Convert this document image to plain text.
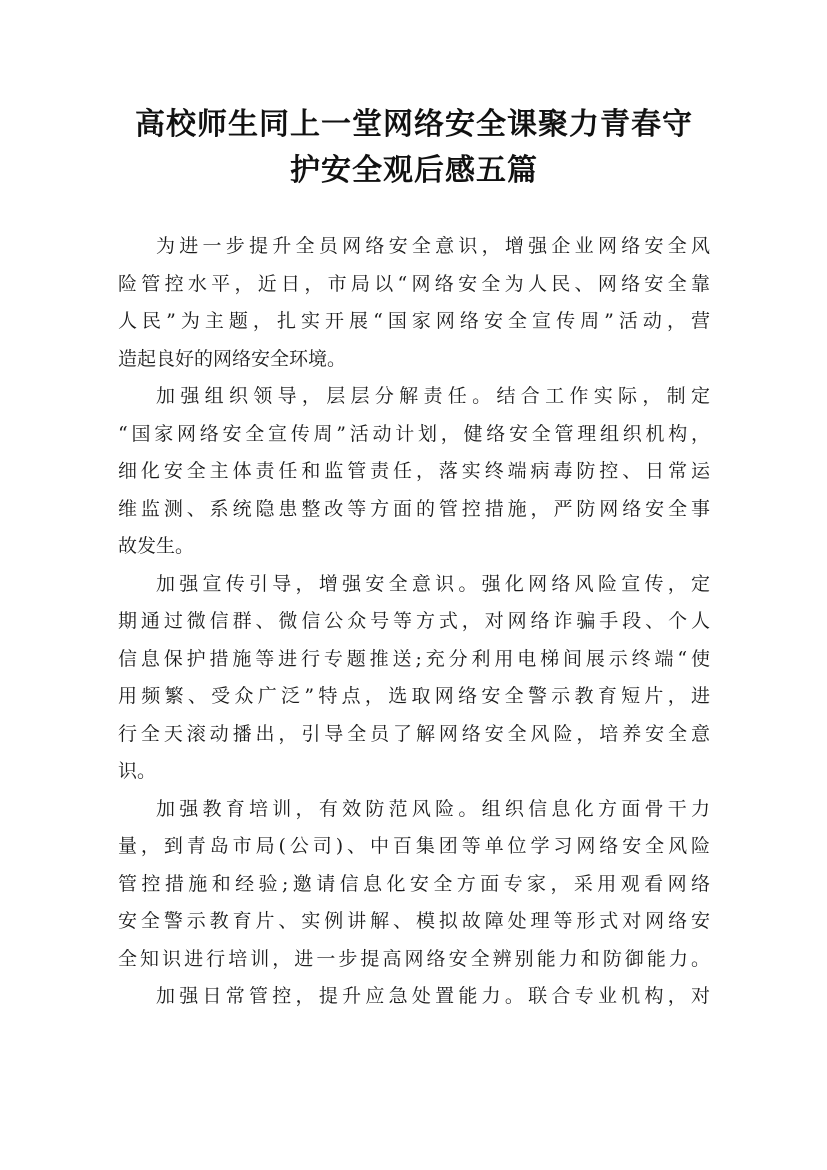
高校师生同上一堂网络安全课聚力青春守
护安全观后感五篇
为进一步提升全员网络安全意识，增强企业网络安全风
险管控水平，近日，市局以“网络安全为人民、网络安全靠
人民”为主题，扎实开展“国家网络安全宣传周”活动，营
造起良好的网络安全环境。
加强组织领导，层层分解责任。结合工作实际，制定
“国家网络安全宣传周”活动计划，健络安全管理组织机构，
细化安全主体责任和监管责任，落实终端病毒防控、日常运
维监测、系统隐患整改等方面的管控措施，严防网络安全事
故发生。
加强宣传引导，增强安全意识。强化网络风险宣传，定
期通过微信群、微信公众号等方式，对网络诈骗手段、个人
信息保护措施等进行专题推送;充分利用电梯间展示终端“使
用频繁、受众广泛”特点，选取网络安全警示教育短片，进
行全天滚动播出，引导全员了解网络安全风险，培养安全意
识。
加强教育培训，有效防范风险。组织信息化方面骨干力
量，到青岛市局(公司)、中百集团等单位学习网络安全风险
管控措施和经验;邀请信息化安全方面专家，采用观看网络
安全警示教育片、实例讲解、模拟故障处理等形式对网络安
全知识进行培训，进一步提高网络安全辨别能力和防御能力。
加强日常管控，提升应急处置能力。联合专业机构，对
